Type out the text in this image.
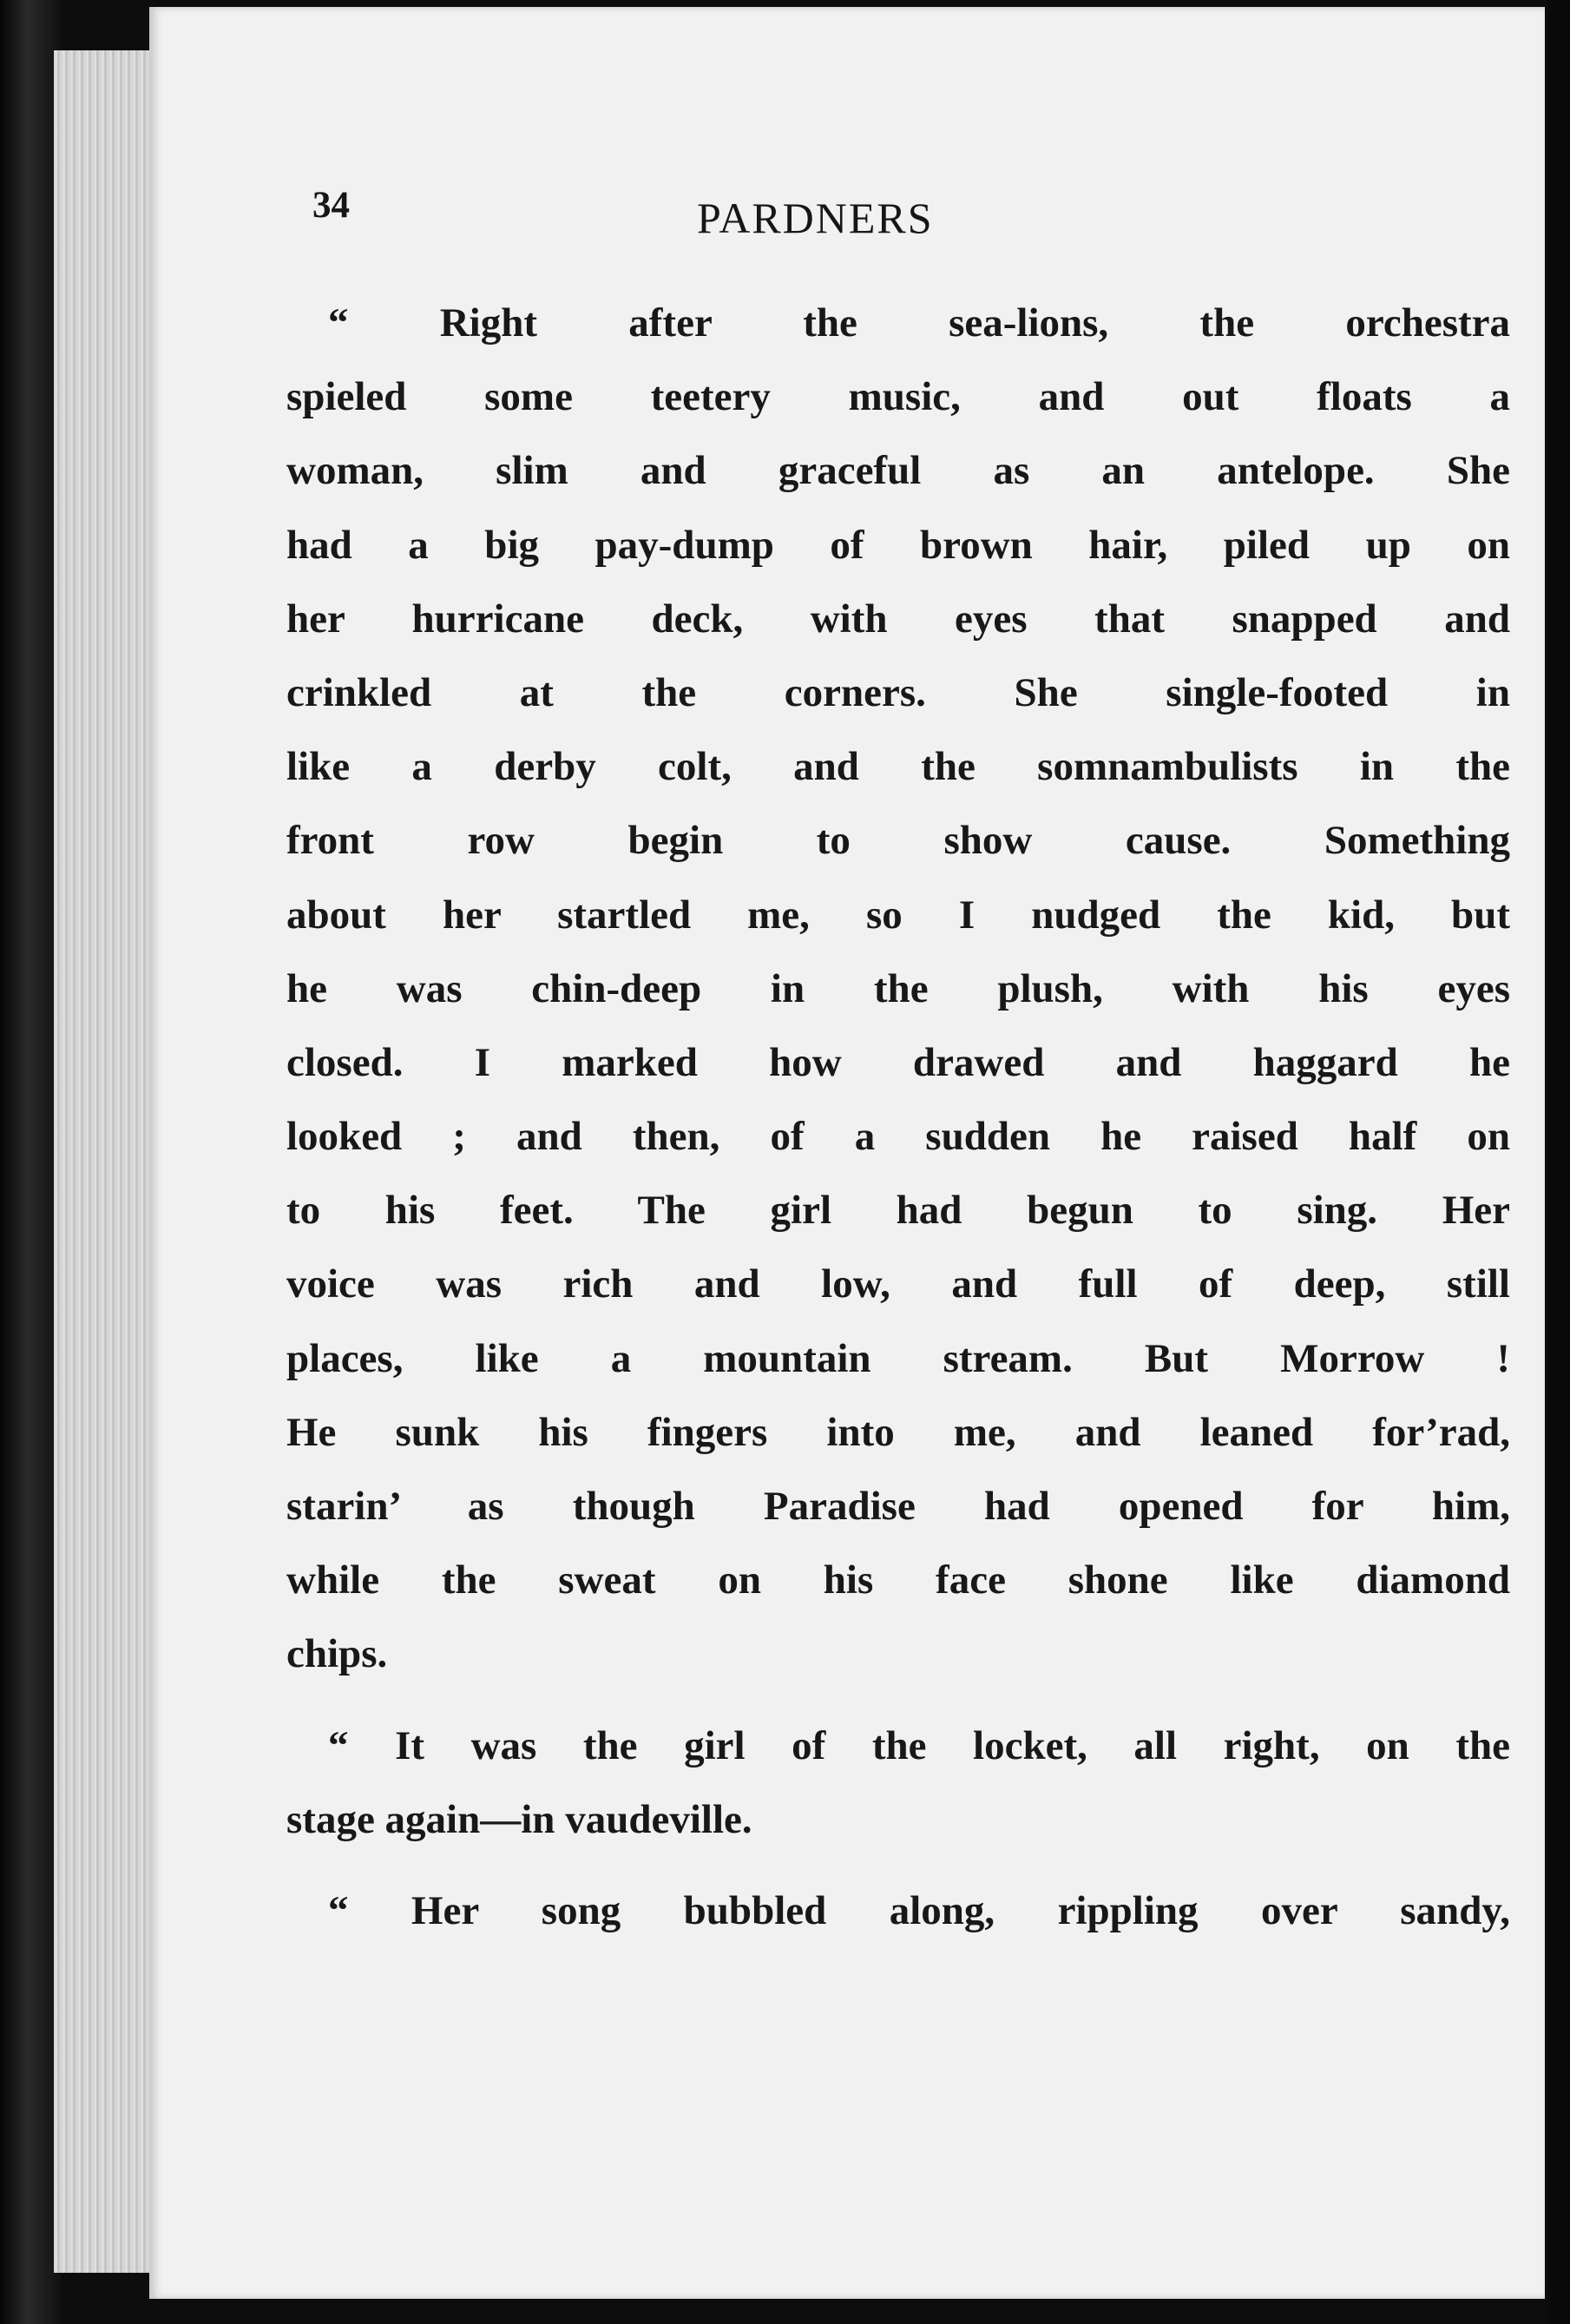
34	PARDNERS
“ Right after the sea-lions, the orchestra
spieled some teetery music, and out floats a
woman, slim and graceful as an antelope. She
had a big pay-dump of brown hair, piled up on
her hurricane deck, with eyes that snapped and
crinkled at the corners. She single-footed in
like a derby colt, and the somnambulists in the
front row begin to show cause. Something
about her startled me, so I nudged the kid, but
he was chin-deep in the plush, with his eyes
closed. I marked how drawed and haggard he
looked ; and then, of a sudden he raised half on
to his feet. The girl had begun to sing. Her
voice was rich and low, and full of deep, still
places, like a mountain stream. But Morrow !
He sunk his fingers into me, and leaned for’rad,
starin’ as though Paradise had opened for him,
while the sweat on his face shone like diamond
chips.
“ It was the girl of the locket, all right, on the
stage again—in vaudeville.
“ Her song bubbled along, rippling over sandy,
